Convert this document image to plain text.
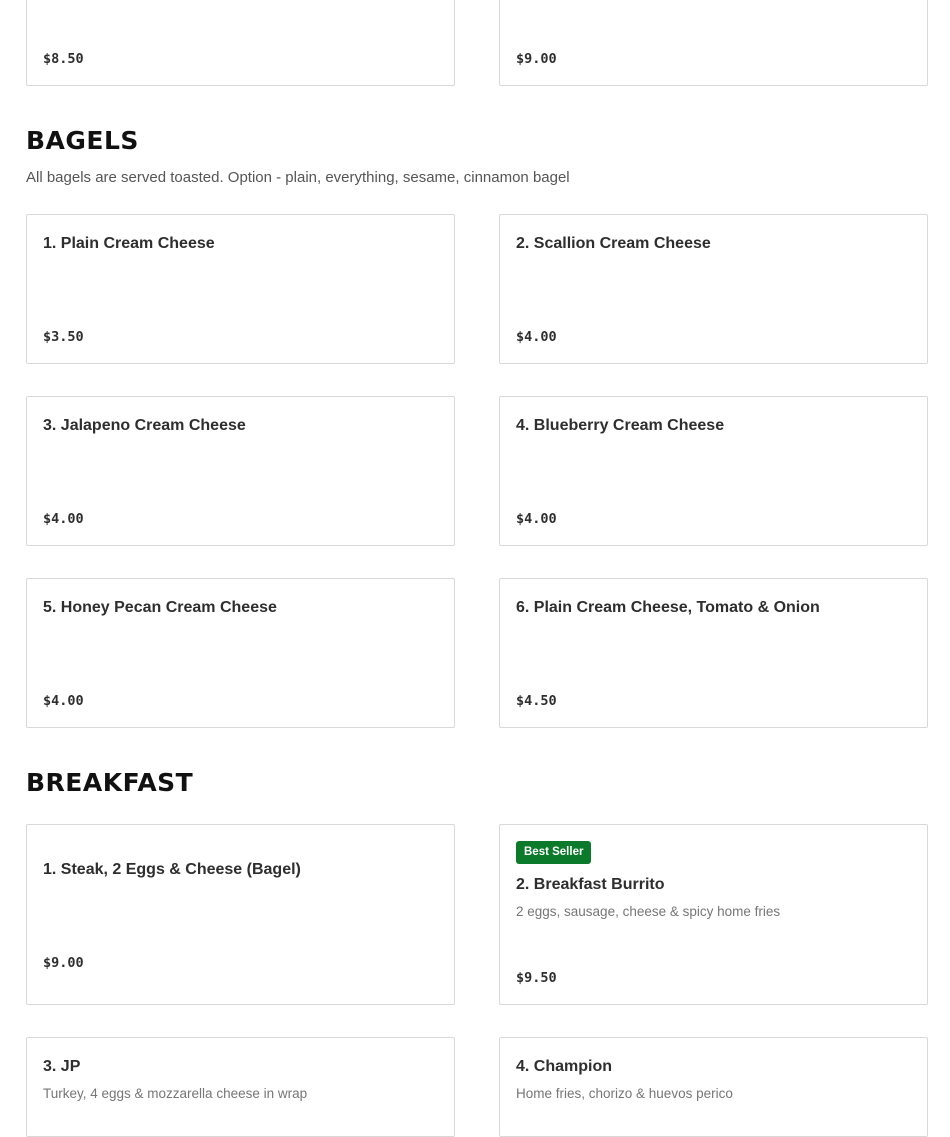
$8.50	$9.00
BAGELS
All bagels are served toasted. Option - plain, everything, sesame, cinnamon bagel
1. Plain Cream Cheese
$3.50
2. Scallion Cream Cheese
$4.00
3. Jalapeno Cream Cheese
$4.00
4. Blueberry Cream Cheese
$4.00
5. Honey Pecan Cream Cheese
$4.00
6. Plain Cream Cheese, Tomato & Onion
$4.50
BREAKFAST
1. Steak, 2 Eggs & Cheese (Bagel)
$9.00
Best Seller
2. Breakfast Burrito
2 eggs, sausage, cheese & spicy home fries
$9.50
3. JP
Turkey, 4 eggs & mozzarella cheese in wrap
4. Champion
Home fries, chorizo & huevos perico
